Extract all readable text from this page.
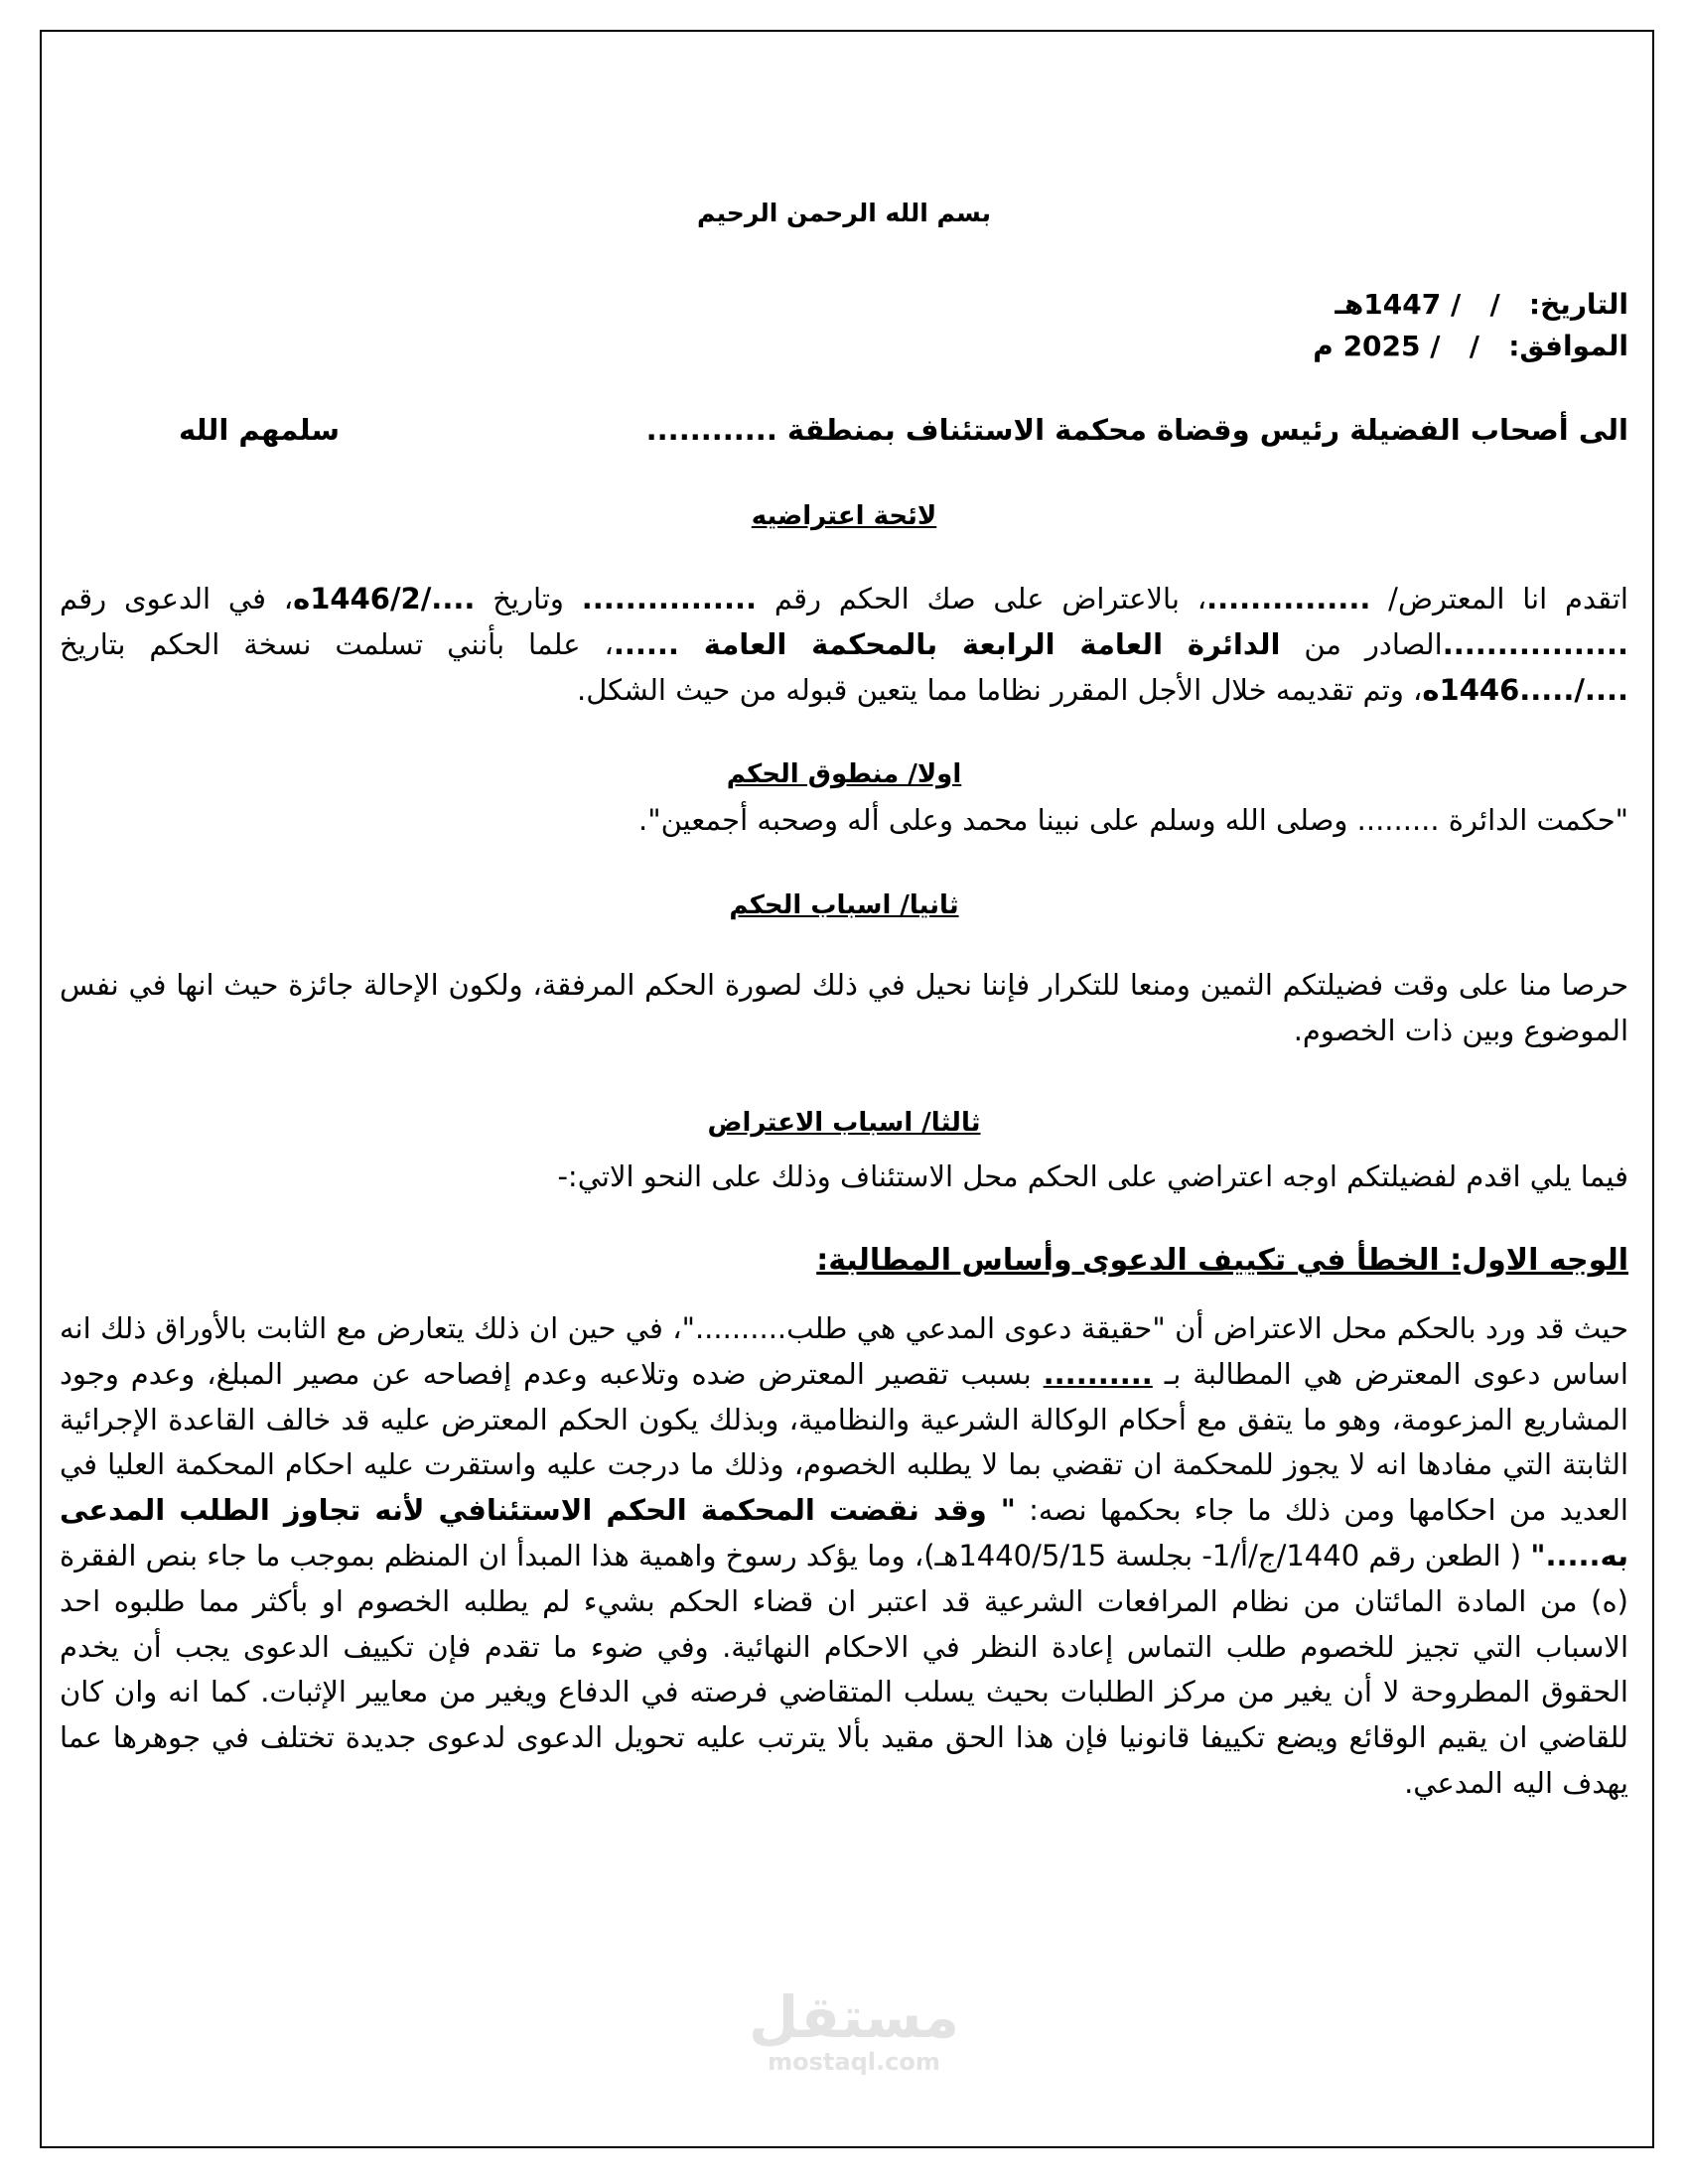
بسم الله الرحمن الرحيم
التاريخ:   /   / 1447هـ
الموافق:   /   / 2025 م
الى أصحاب الفضيلة رئيس وقضاة محكمة الاستئناف بمنطقة ............
سلمهم الله
لائحة اعتراضيه
اتقدم انا المعترض/ ...............، بالاعتراض على صك الحكم رقم ................ وتاريخ ..../1446/2ه، في الدعوى رقم .................الصادر من الدائرة العامة الرابعة بالمحكمة العامة ......، علما بأنني تسلمت نسخة الحكم بتاريخ ..../.....1446ه، وتم تقديمه خلال الأجل المقرر نظاما مما يتعين قبوله من حيث الشكل.
اولا/ منطوق الحكم
"حكمت الدائرة ......... وصلى الله وسلم على نبينا محمد وعلى أله وصحبه أجمعين".
ثانيا/ اسباب الحكم
حرصا منا على وقت فضيلتكم الثمين ومنعا للتكرار فإننا نحيل في ذلك لصورة الحكم المرفقة، ولكون الإحالة جائزة حيث انها في نفس الموضوع وبين ذات الخصوم.
ثالثا/ اسباب الاعتراض
فيما يلي اقدم لفضيلتكم اوجه اعتراضي على الحكم محل الاستئناف وذلك على النحو الاتي:-
الوجه الاول: الخطأ في تكييف الدعوى وأساس المطالبة:
حيث قد ورد بالحكم محل الاعتراض أن "حقيقة دعوى المدعي هي طلب.........."، في حين ان ذلك يتعارض مع الثابت بالأوراق ذلك انه اساس دعوى المعترض هي المطالبة بـ .......... بسبب تقصير المعترض ضده وتلاعبه وعدم إفصاحه عن مصير المبلغ، وعدم وجود المشاريع المزعومة، وهو ما يتفق مع أحكام الوكالة الشرعية والنظامية، وبذلك يكون الحكم المعترض عليه قد خالف القاعدة الإجرائية الثابتة التي مفادها انه لا يجوز للمحكمة ان تقضي بما لا يطلبه الخصوم، وذلك ما درجت عليه واستقرت عليه احكام المحكمة العليا في العديد من احكامها ومن ذلك ما جاء بحكمها نصه: " وقد نقضت المحكمة الحكم الاستئنافي لأنه تجاوز الطلب المدعى به....." ( الطعن رقم 1440/ج/أ/1- بجلسة 1440/5/15هـ)، وما يؤكد رسوخ واهمية هذا المبدأ ان المنظم بموجب ما جاء بنص الفقرة (ه) من المادة المائتان من نظام المرافعات الشرعية قد اعتبر ان قضاء الحكم بشيء لم يطلبه الخصوم او بأكثر مما طلبوه احد الاسباب التي تجيز للخصوم طلب التماس إعادة النظر في الاحكام النهائية. وفي ضوء ما تقدم فإن تكييف الدعوى يجب أن يخدم الحقوق المطروحة لا أن يغير من مركز الطلبات بحيث يسلب المتقاضي فرصته في الدفاع ويغير من معايير الإثبات. كما انه وان كان للقاضي ان يقيم الوقائع ويضع تكييفا قانونيا فإن هذا الحق مقيد بألا يترتب عليه تحويل الدعوى لدعوى جديدة تختلف في جوهرها عما يهدف اليه المدعي.
مستقل
mostaql.com
